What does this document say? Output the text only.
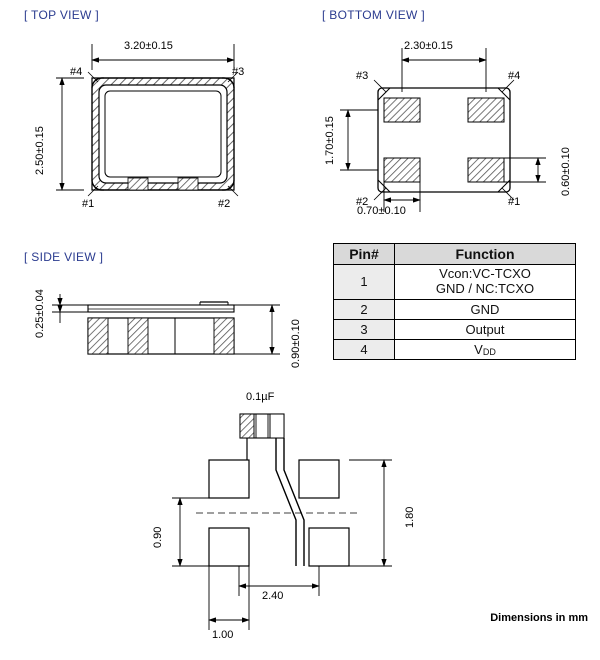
[ TOP VIEW ]	[ BOTTOM VIEW ]
[ SIDE VIEW ]
3.20±0.15
2.50±0.15
#4	#3
#1	#2
2.30±0.15
1.70±0.15
0.60±0.10
0.70±0.10
#3	#4
#2	#1
0.25±0.04
0.90±0.10
0.1µF
1.80
0.90
2.40
1.00
Pin#	Function
1	Vcon:VC-TCXO
GND / NC:TCXO

2	GND
3	Output
4	VDD
Dimensions in mm
